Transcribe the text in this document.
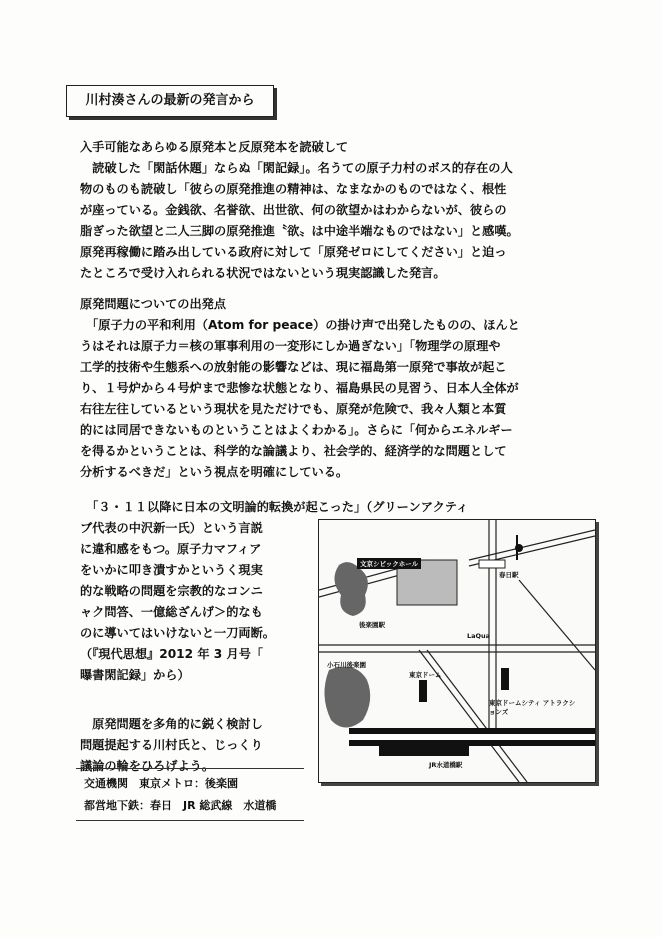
川村湊さんの最新の発言から

入手可能なあらゆる原発本と反原発本を読破して

　読破した「閑話休題」ならぬ「閑記録」。名うての原子力村のボス的存在の人

物のものも読破し「彼らの原発推進の精神は、なまなかのものではなく、根性

が座っている。金銭欲、名誉欲、出世欲、何の欲望かはわからないが、彼らの

脂ぎった欲望と二人三脚の原発推進〝欲〟は中途半端なものではない」と感嘆。

原発再稼働に踏み出している政府に対して「原発ゼロにしてください」と迫っ

たところで受け入れられる状況ではないという現実認識した発言。

原発問題についての出発点

　「原子力の平和利用（Atom for peace）の掛け声で出発したものの、ほんと

うはそれは原子力＝核の軍事利用の一変形にしか過ぎない」「物理学の原理や

工学的技術や生態系への放射能の影響などは、現に福島第一原発で事故が起こ

り、１号炉から４号炉まで悲惨な状態となり、福島県民の見習う、日本人全体が

右往左往しているという現状を見ただけでも、原発が危険で、我々人類と本質

的には同居できないものということはよくわかる」。さらに「何からエネルギー

を得るかということは、科学的な論議より、社会学的、経済学的な問題として

分析するべきだ」という視点を明確にしている。

　「３・１１以降に日本の文明論的転換が起こった」（グリーンアクティ

ブ代表の中沢新一氏）という言説

に違和感をもつ。原子力マフィア

をいかに叩き潰すかというく現実

的な戦略の問題を宗教的なコンニ

ャク問答、一億総ざんげ＞的なも

のに導いてはいけないと一刀両断。

（『現代思想』2012 年 3 月号「

曝書閑記録」から）

　原発問題を多角的に鋭く検討し

問題提起する川村氏と、じっくり

議論の輪をひろげよう。

交通機関　東京メトロ：後楽園
都営地下鉄：春日　JR 総武線　水道橋
文京シビックホール
春日駅
LaQua
東京ドーム
東京ドームシティ アトラクションズ
小石川後楽園
JR水道橋駅
後楽園駅
